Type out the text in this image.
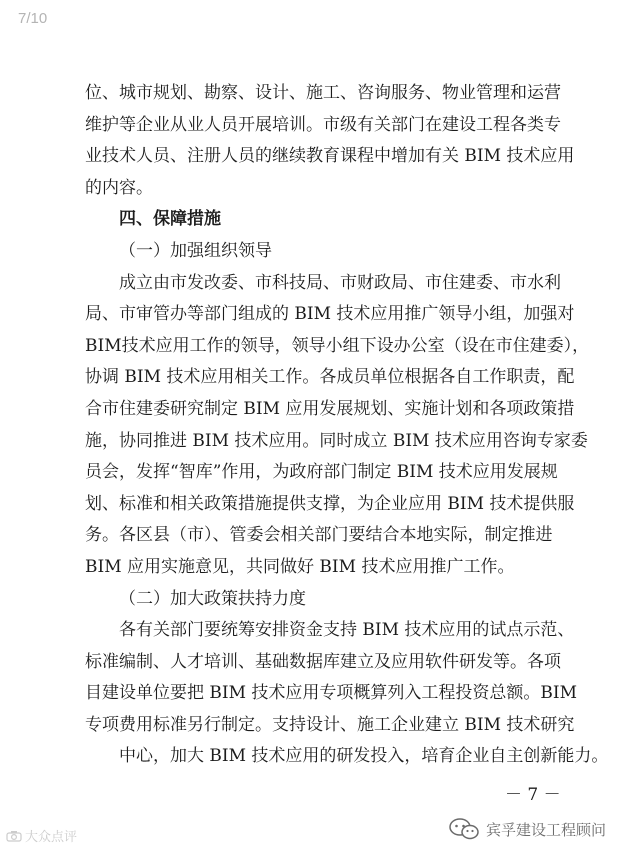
7/10
位、城市规划、勘察、设计、施工、咨询服务、物业管理和运营
维护等企业从业人员开展培训。市级有关部门在建设工程各类专
业技术人员、注册人员的继续教育课程中增加有关 BIM 技术应用
的内容。
四、保障措施
（一）加强组织领导
成立由市发改委、市科技局、市财政局、市住建委、市水利
局、市审管办等部门组成的 BIM 技术应用推广领导小组，加强对
BIM技术应用工作的领导，领导小组下设办公室（设在市住建委），
协调 BIM 技术应用相关工作。各成员单位根据各自工作职责，配
合市住建委研究制定 BIM 应用发展规划、实施计划和各项政策措
施，协同推进 BIM 技术应用。同时成立 BIM 技术应用咨询专家委
员会，发挥“智库”作用，为政府部门制定 BIM 技术应用发展规
划、标准和相关政策措施提供支撑，为企业应用 BIM 技术提供服
务。各区县（市）、管委会相关部门要结合本地实际，制定推进
BIM 应用实施意见，共同做好 BIM 技术应用推广工作。
（二）加大政策扶持力度
各有关部门要统筹安排资金支持 BIM 技术应用的试点示范、
标准编制、人才培训、基础数据库建立及应用软件研发等。各项
目建设单位要把 BIM 技术应用专项概算列入工程投资总额。BIM
专项费用标准另行制定。支持设计、施工企业建立 BIM 技术研究
中心，加大 BIM 技术应用的研发投入，培育企业自主创新能力。
－ 7 －
大众点评	宾孚建设工程顾问
